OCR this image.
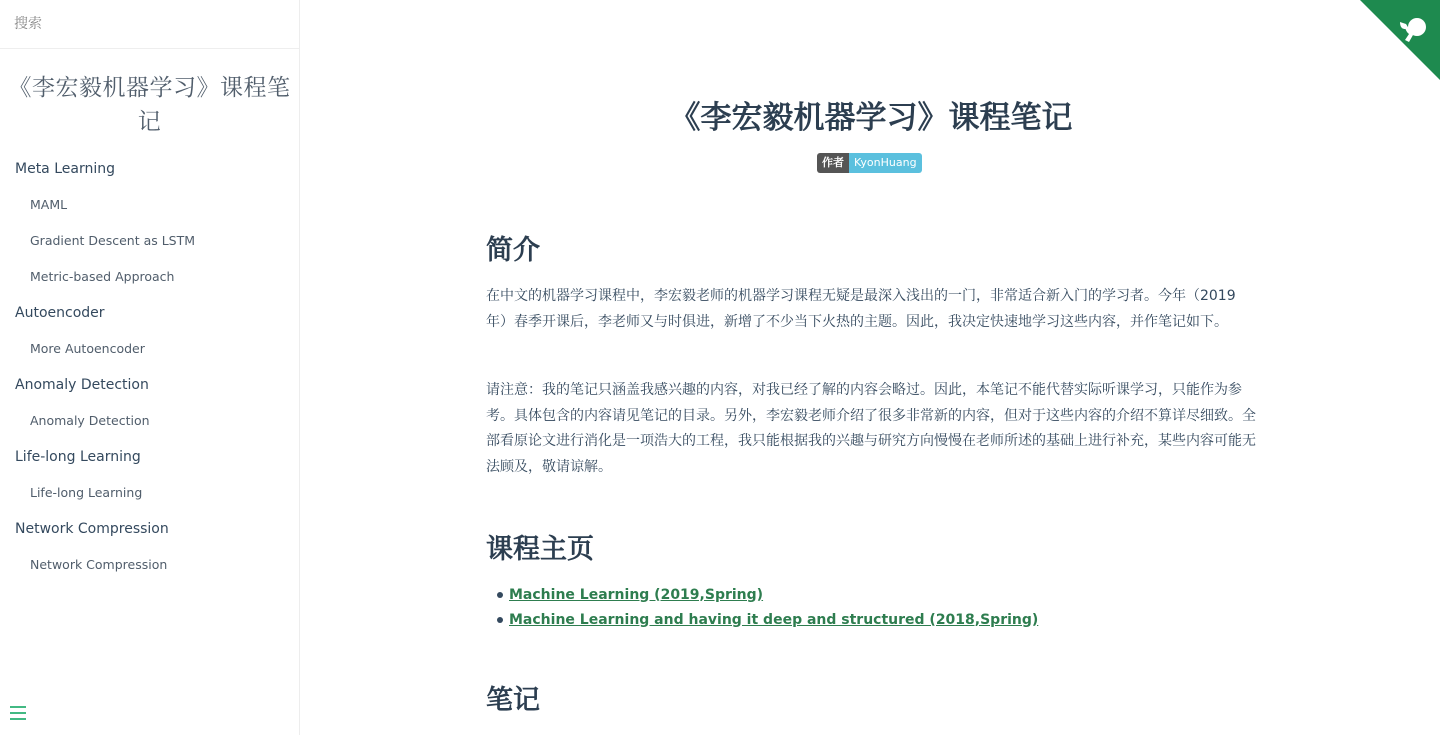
搜索
《李宏毅机器学习》课程笔记
Meta Learning
MAML
Gradient Descent as LSTM
Metric-based Approach
Autoencoder
More Autoencoder
Anomaly Detection
Anomaly Detection
Life-long Learning
Life-long Learning
Network Compression
Network Compression
《李宏毅机器学习》课程笔记
作者 KyonHuang
简介

在中文的机器学习课程中，李宏毅老师的机器学习课程无疑是最深入浅出的一门，非常适合新入门的学习者。今年（2019 年）春季开课后，李老师又与时俱进，新增了不少当下火热的主题。因此，我决定快速地学习这些内容，并作笔记如下。

请注意：我的笔记只涵盖我感兴趣的内容，对我已经了解的内容会略过。因此，本笔记不能代替实际听课学习，只能作为参考。具体包含的内容请见笔记的目录。另外，李宏毅老师介绍了很多非常新的内容，但对于这些内容的介绍不算详尽细致。全部看原论文进行消化是一项浩大的工程，我只能根据我的兴趣与研究方向慢慢在老师所述的基础上进行补充，某些内容可能无法顾及，敬请谅解。

课程主页
Machine Learning (2019,Spring)
Machine Learning and having it deep and structured (2018,Spring)
笔记
